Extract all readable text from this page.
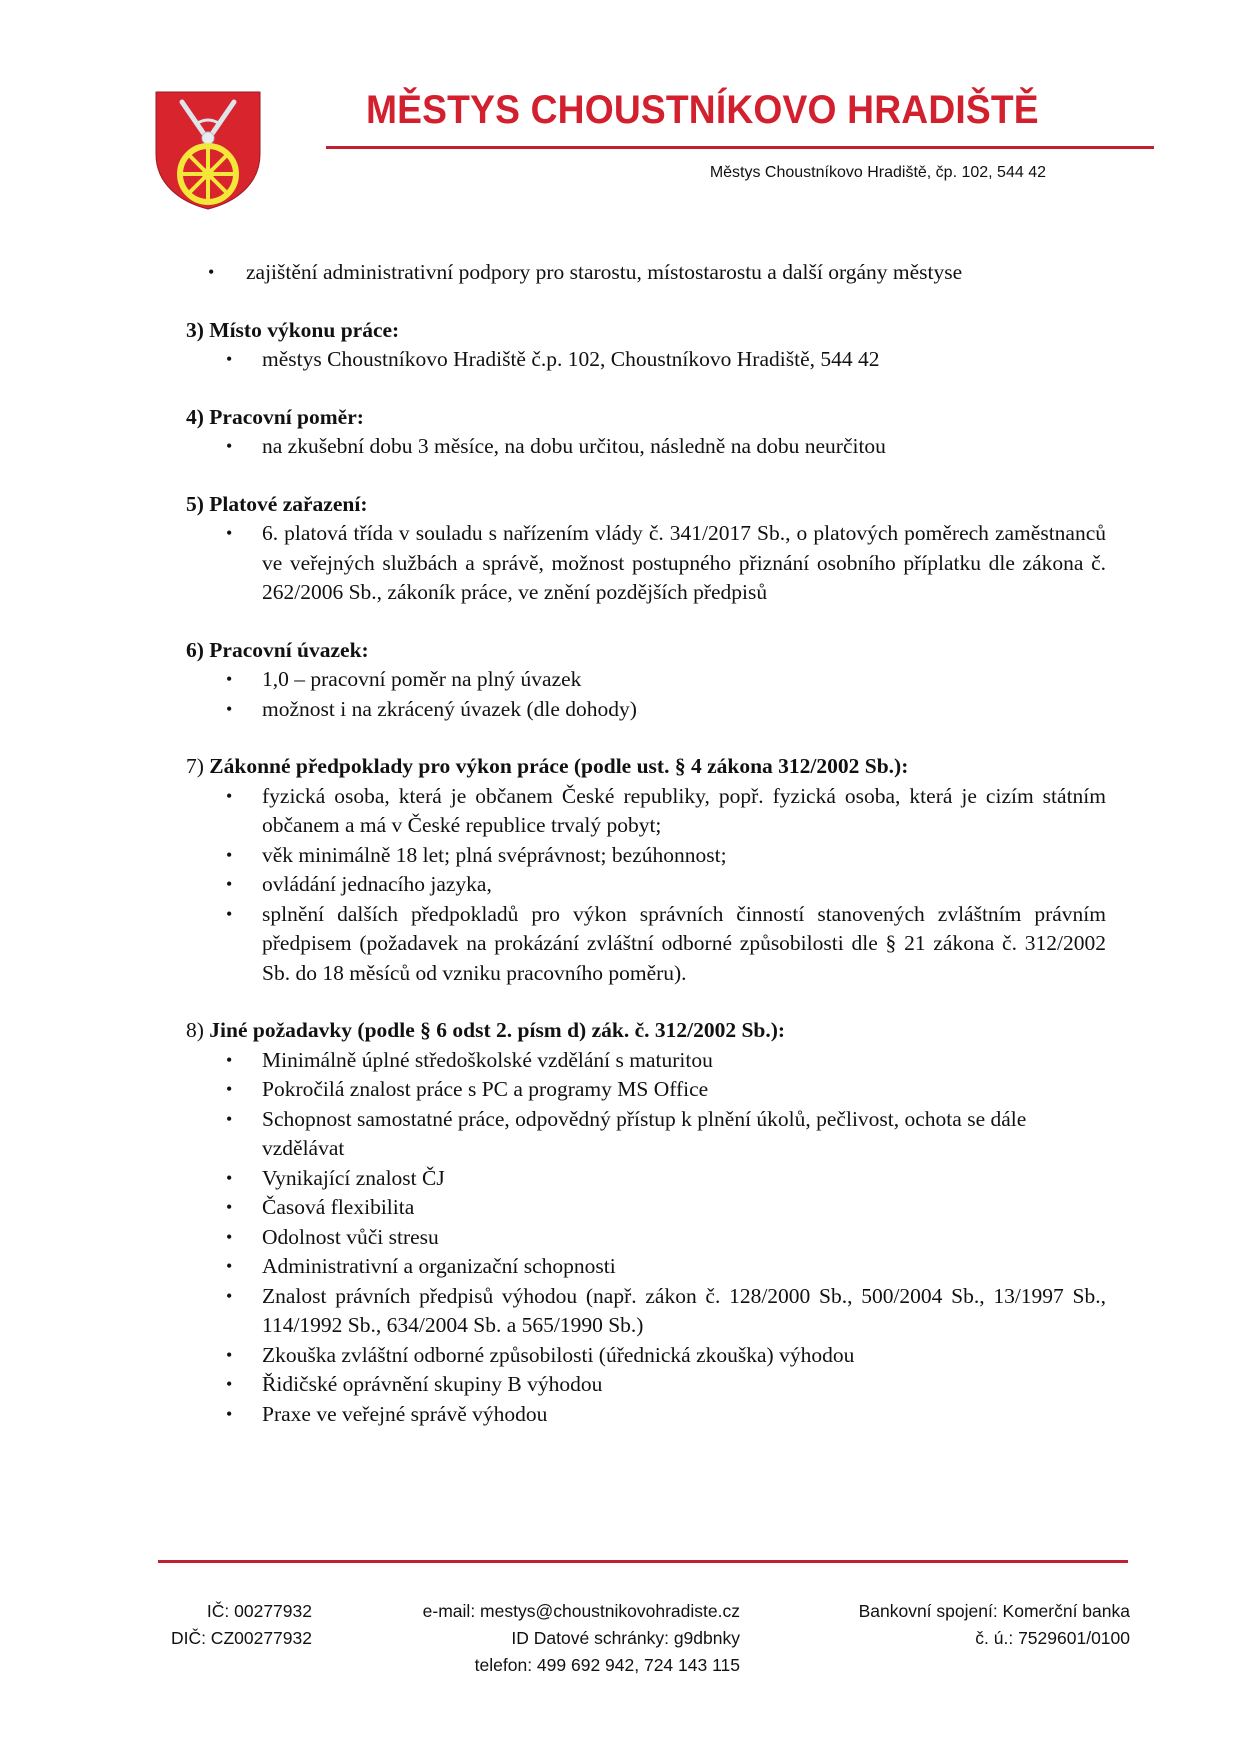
MĚSTYS CHOUSTNÍKOVO HRADIŠTĚ
Městys Choustníkovo Hradiště, čp. 102, 544 42
• zajištění administrativní podpory pro starostu, místostarostu a další orgány městyse

3) Místo výkonu práce:

• městys Choustníkovo Hradiště č.p. 102, Choustníkovo Hradiště, 544 42

4) Pracovní poměr:

• na zkušební dobu 3 měsíce, na dobu určitou, následně na dobu neurčitou

5) Platové zařazení:

• 6. platová třída v souladu s nařízením vlády č. 341/2017 Sb., o platových poměrech zaměstnanců ve veřejných službách a správě, možnost postupného přiznání osobního příplatku dle zákona č. 262/2006 Sb., zákoník práce, ve znění pozdějších předpisů

6) Pracovní úvazek:

• 1,0 – pracovní poměr na plný úvazek
• možnost i na zkrácený úvazek (dle dohody)

7) Zákonné předpoklady pro výkon práce (podle ust. § 4 zákona 312/2002 Sb.):

• fyzická osoba, která je občanem České republiky, popř. fyzická osoba, která je cizím státním občanem a má v České republice trvalý pobyt;
• věk minimálně 18 let; plná svéprávnost; bezúhonnost;
• ovládání jednacího jazyka,
• splnění dalších předpokladů pro výkon správních činností stanovených zvláštním právním předpisem (požadavek na prokázání zvláštní odborné způsobilosti dle § 21 zákona č. 312/2002 Sb. do 18 měsíců od vzniku pracovního poměru).

8) Jiné požadavky (podle § 6 odst 2. písm d) zák. č. 312/2002 Sb.):

• Minimálně úplné středoškolské vzdělání s maturitou
• Pokročilá znalost práce s PC a programy MS Office
• Schopnost samostatné práce, odpovědný přístup k plnění úkolů, pečlivost, ochota se dále vzdělávat
• Vynikající znalost ČJ
• Časová flexibilita
• Odolnost vůči stresu
• Administrativní a organizační schopnosti
• Znalost právních předpisů výhodou (např. zákon č. 128/2000 Sb., 500/2004 Sb., 13/1997 Sb., 114/1992 Sb., 634/2004 Sb. a 565/1990 Sb.)
• Zkouška zvláštní odborné způsobilosti (úřednická zkouška) výhodou
• Řidičské oprávnění skupiny B výhodou
• Praxe ve veřejné správě výhodou
IČ: 00277932
DIČ: CZ00277932
e-mail: mestys@choustnikovohradiste.cz
ID Datové schránky: g9dbnky
telefon: 499 692 942, 724 143 115
Bankovní spojení: Komerční banka
č. ú.: 7529601/0100
